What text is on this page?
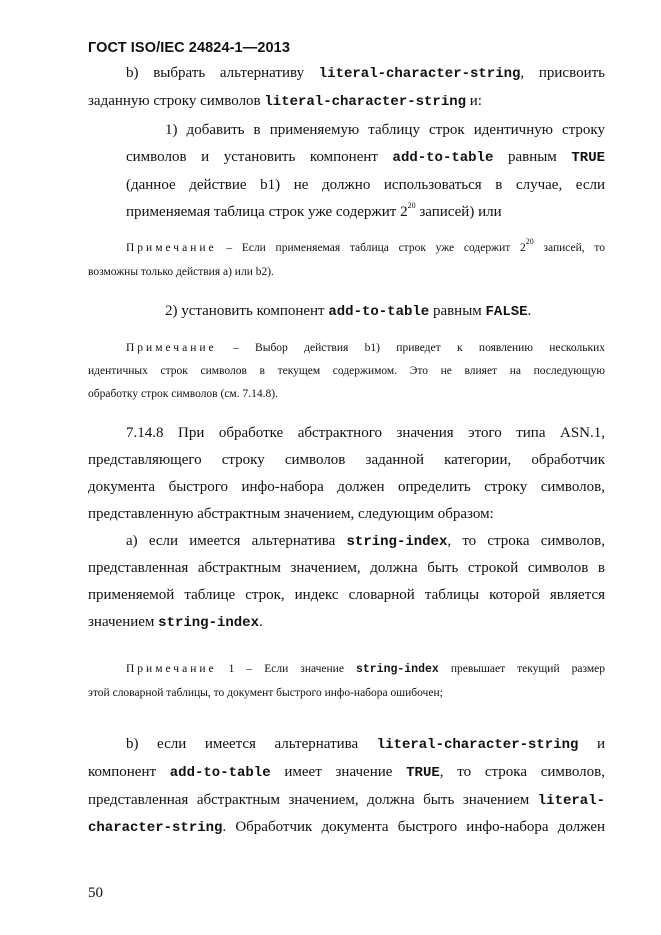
ГОСТ ISO/IEC 24824-1—2013
b) выбрать альтернативу literal-character-string, присвоить
заданную строку символов literal-character-string и:
1) добавить в применяемую таблицу строк идентичную строку
символов и установить компонент add-to-table равным TRUE
(данное действие b1) не должно использоваться в случае, если
применяемая таблица строк уже содержит $2^{20}$ записей) или
Примечание – Если применяемая таблица строк уже содержит $2^{20}$ записей, то
возможны только действия a) или b2).
2) установить компонент add-to-table равным FALSE.
Примечание – Выбор действия b1) приведет к появлению нескольких
идентичных строк символов в текущем содержимом. Это не влияет на последующую
обработку строк символов (см. 7.14.8).
7.14.8 При обработке абстрактного значения этого типа ASN.1,
представляющего строку символов заданной категории, обработчик
документа быстрого инфо-набора должен определить строку символов,
представленную абстрактным значением, следующим образом:
a) если имеется альтернатива string-index, то строка символов,
представленная абстрактным значением, должна быть строкой символов в
применяемой таблице строк, индекс словарной таблицы которой является
значением string-index.
Примечание 1 – Если значение string-index превышает текущий размер
этой словарной таблицы, то документ быстрого инфо-набора ошибочен;
b) если имеется альтернатива literal-character-string и
компонент add-to-table имеет значение TRUE, то строка символов,
представленная абстрактным значением, должна быть значением literal-
character-string. Обработчик документа быстрого инфо-набора должен
50
